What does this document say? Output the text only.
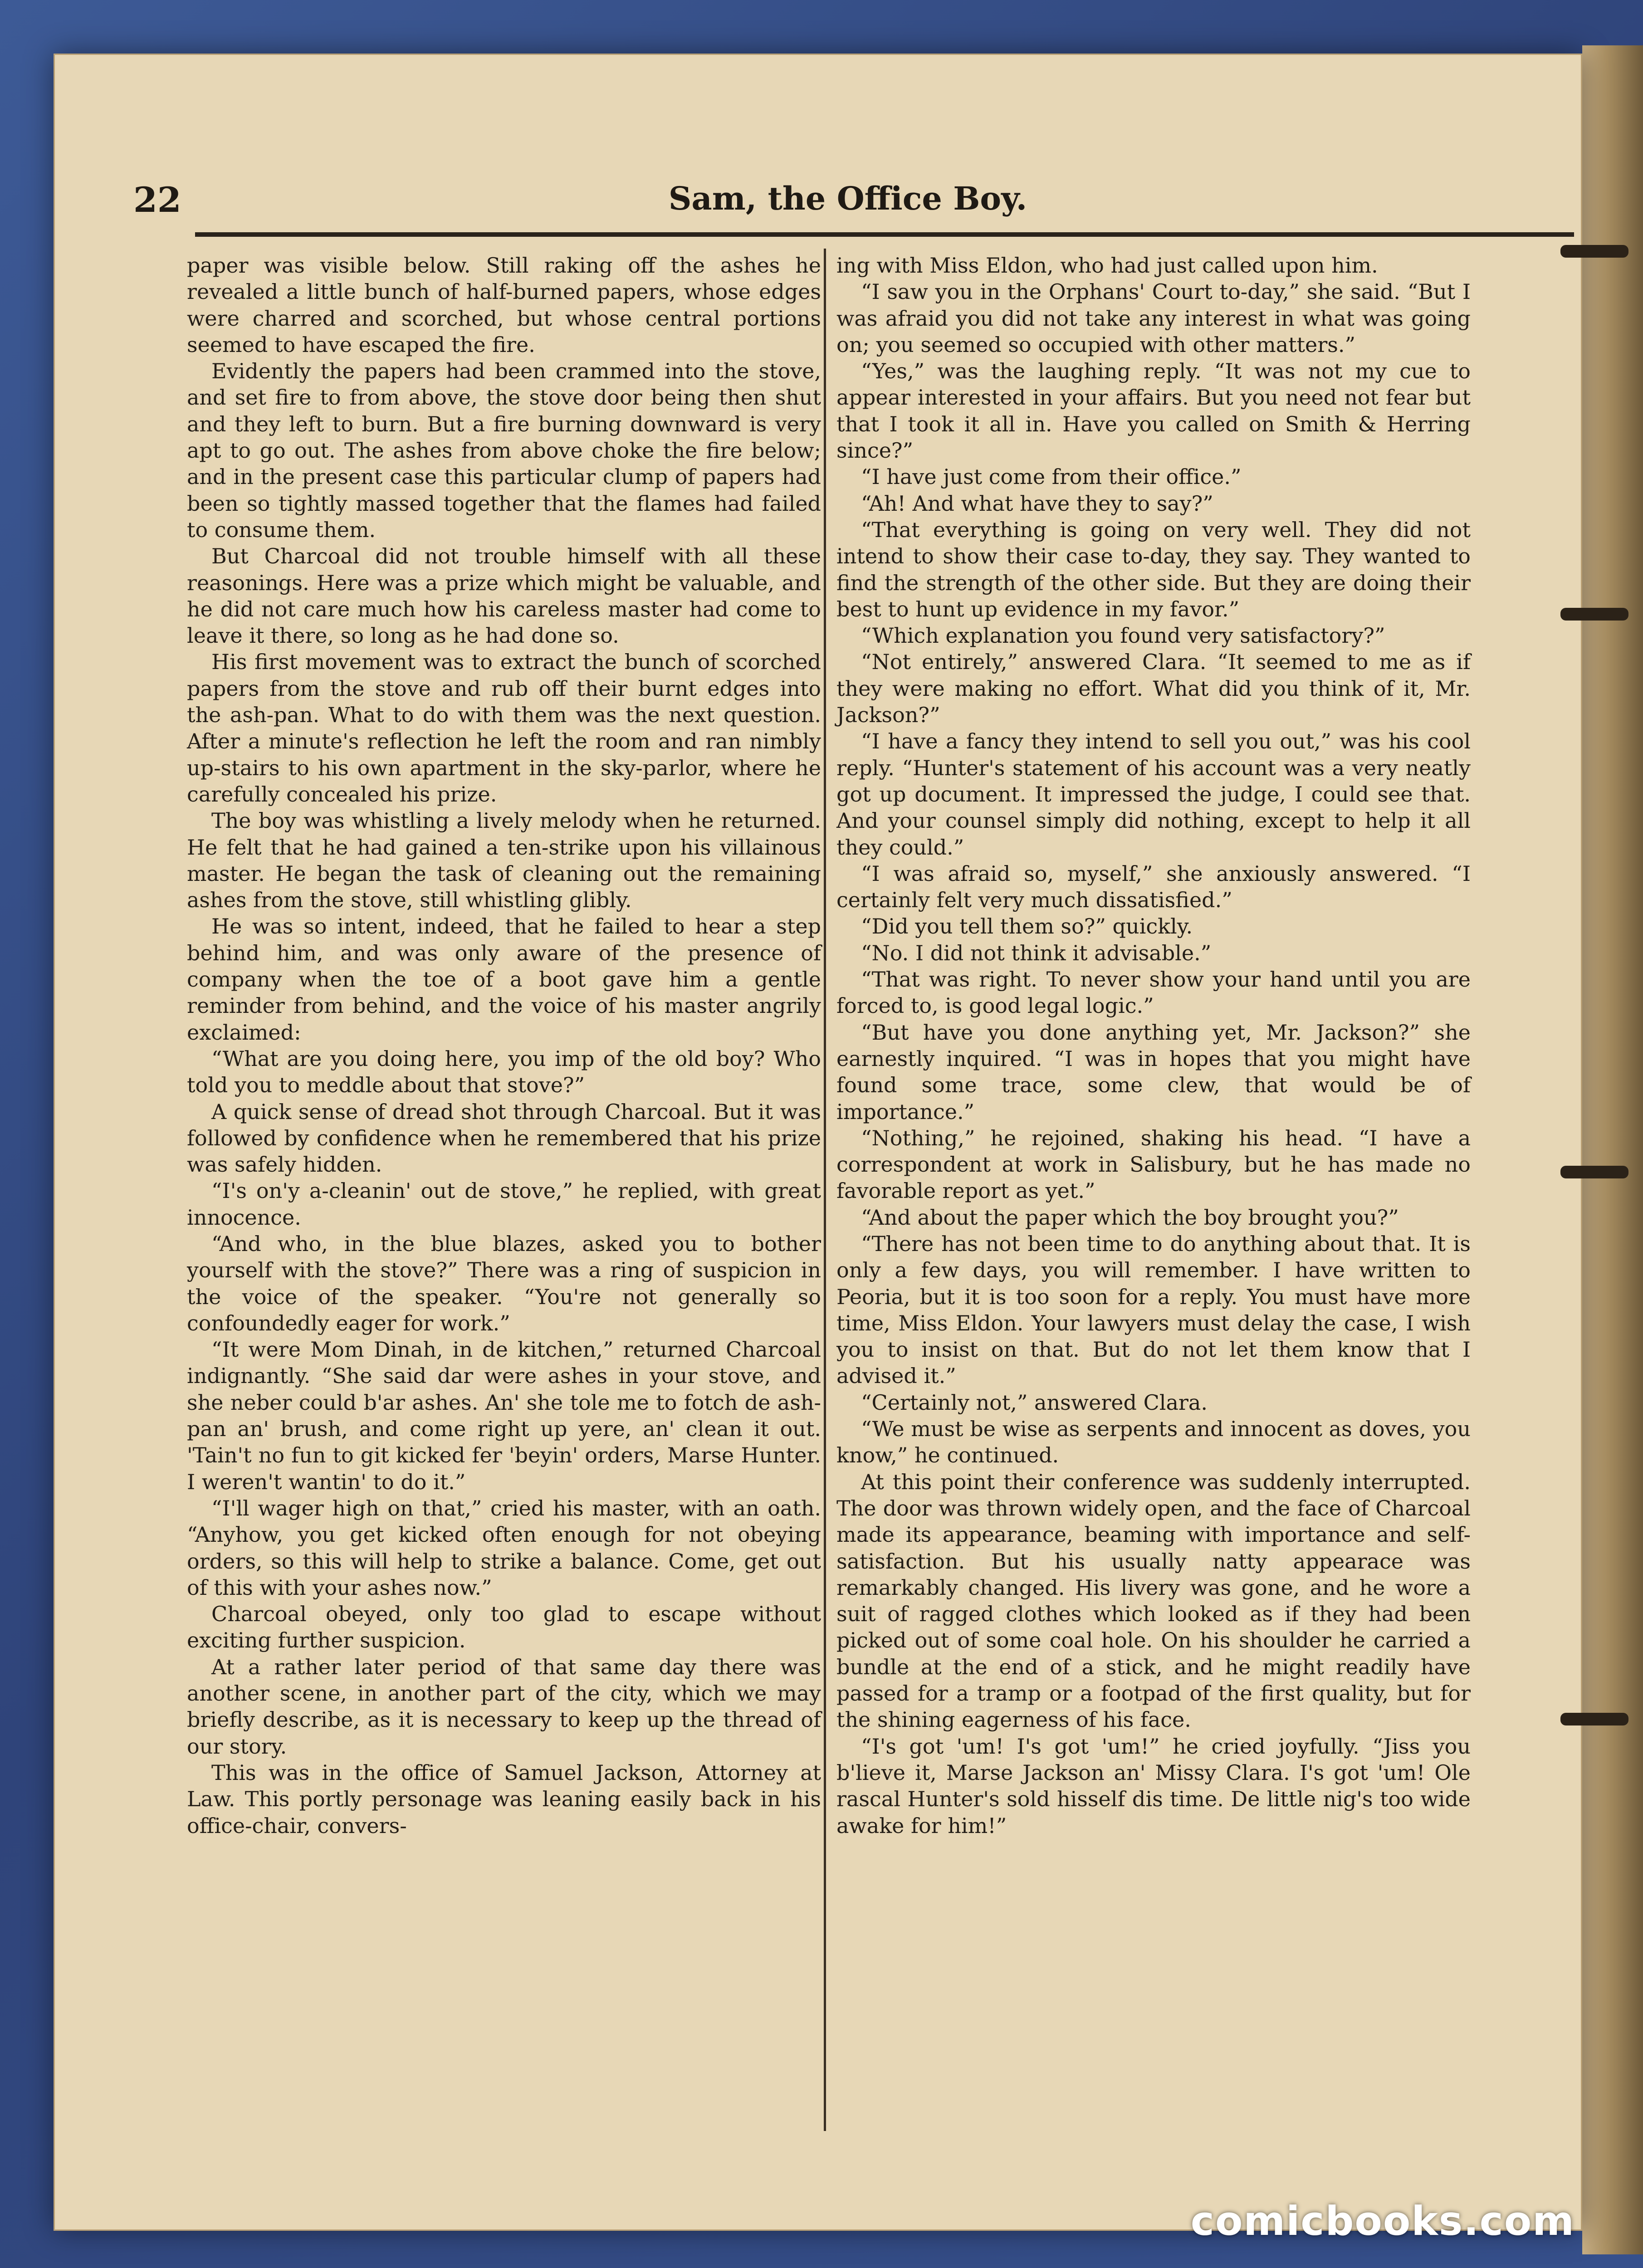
Sam, the Office Boy.
22

paper was visible below. Still raking off the ashes he revealed a little bunch of half-burned papers, whose edges were charred and scorched, but whose central portions seemed to have escaped the fire.

Evidently the papers had been crammed into the stove, and set fire to from above, the stove door being then shut and they left to burn. But a fire burning downward is very apt to go out. The ashes from above choke the fire below; and in the present case this particular clump of papers had been so tightly massed together that the flames had failed to consume them.

But Charcoal did not trouble himself with all these reasonings. Here was a prize which might be valuable, and he did not care much how his careless master had come to leave it there, so long as he had done so.

His first movement was to extract the bunch of scorched papers from the stove and rub off their burnt edges into the ash-pan. What to do with them was the next question. After a minute's reflection he left the room and ran nimbly up-stairs to his own apartment in the sky-parlor, where he carefully concealed his prize.

The boy was whistling a lively melody when he returned. He felt that he had gained a ten-strike upon his villainous master. He began the task of cleaning out the remaining ashes from the stove, still whistling glibly.

He was so intent, indeed, that he failed to hear a step behind him, and was only aware of the presence of company when the toe of a boot gave him a gentle reminder from behind, and the voice of his master angrily exclaimed:

“What are you doing here, you imp of the old boy? Who told you to meddle about that stove?”

A quick sense of dread shot through Charcoal. But it was followed by confidence when he remembered that his prize was safely hidden.

“I's on'y a-cleanin' out de stove,” he replied, with great innocence.

“And who, in the blue blazes, asked you to bother yourself with the stove?” There was a ring of suspicion in the voice of the speaker. “You're not generally so confoundedly eager for work.”

“It were Mom Dinah, in de kitchen,” returned Charcoal indignantly. “She said dar were ashes in your stove, and she neber could b'ar ashes. An' she tole me to fotch de ash-pan an' brush, and come right up yere, an' clean it out. 'Tain't no fun to git kicked fer 'beyin' orders, Marse Hunter. I weren't wantin' to do it.”

“I'll wager high on that,” cried his master, with an oath. “Anyhow, you get kicked often enough for not obeying orders, so this will help to strike a balance. Come, get out of this with your ashes now.”

Charcoal obeyed, only too glad to escape without exciting further suspicion.

At a rather later period of that same day there was another scene, in another part of the city, which we may briefly describe, as it is necessary to keep up the thread of our story.

This was in the office of Samuel Jackson, Attorney at Law. This portly personage was leaning easily back in his office-chair, convers-

ing with Miss Eldon, who had just called upon him.

“I saw you in the Orphans' Court to-day,” she said. “But I was afraid you did not take any interest in what was going on; you seemed so occupied with other matters.”

“Yes,” was the laughing reply. “It was not my cue to appear interested in your affairs. But you need not fear but that I took it all in. Have you called on Smith & Herring since?”

“I have just come from their office.”

“Ah! And what have they to say?”

“That everything is going on very well. They did not intend to show their case to-day, they say. They wanted to find the strength of the other side. But they are doing their best to hunt up evidence in my favor.”

“Which explanation you found very satisfactory?”

“Not entirely,” answered Clara. “It seemed to me as if they were making no effort. What did you think of it, Mr. Jackson?”

“I have a fancy they intend to sell you out,” was his cool reply. “Hunter's statement of his account was a very neatly got up document. It impressed the judge, I could see that. And your counsel simply did nothing, except to help it all they could.”

“I was afraid so, myself,” she anxiously answered. “I certainly felt very much dissatisfied.”

“Did you tell them so?” quickly.

“No. I did not think it advisable.”

“That was right. To never show your hand until you are forced to, is good legal logic.”

“But have you done anything yet, Mr. Jackson?” she earnestly inquired. “I was in hopes that you might have found some trace, some clew, that would be of importance.”

“Nothing,” he rejoined, shaking his head. “I have a correspondent at work in Salisbury, but he has made no favorable report as yet.”

“And about the paper which the boy brought you?”

“There has not been time to do anything about that. It is only a few days, you will remember. I have written to Peoria, but it is too soon for a reply. You must have more time, Miss Eldon. Your lawyers must delay the case, I wish you to insist on that. But do not let them know that I advised it.”

“Certainly not,” answered Clara.

“We must be wise as serpents and innocent as doves, you know,” he continued.

At this point their conference was suddenly interrupted. The door was thrown widely open, and the face of Charcoal made its appearance, beaming with importance and self-satisfaction. But his usually natty appearace was remarkably changed. His livery was gone, and he wore a suit of ragged clothes which looked as if they had been picked out of some coal hole. On his shoulder he carried a bundle at the end of a stick, and he might readily have passed for a tramp or a footpad of the first quality, but for the shining eagerness of his face.

“I's got 'um! I's got 'um!” he cried joyfully. “Jiss you b'lieve it, Marse Jackson an' Missy Clara. I's got 'um! Ole rascal Hunter's sold hisself dis time. De little nig's too wide awake for him!”

comicbooks.com
